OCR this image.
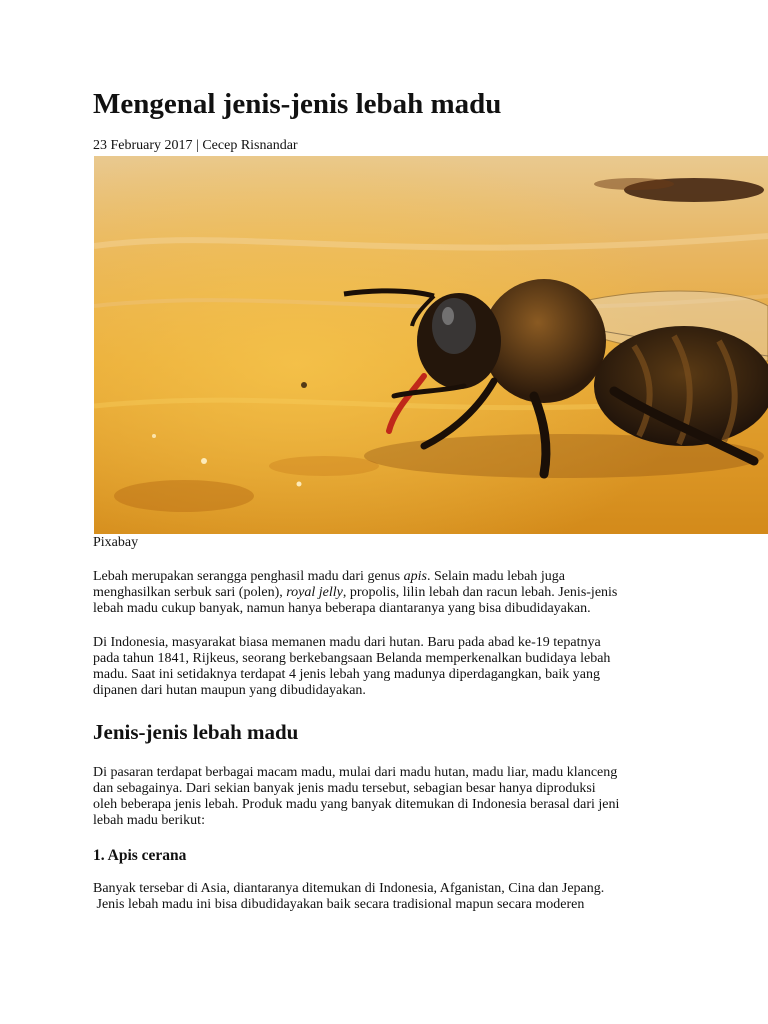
Mengenal jenis-jenis lebah madu
23 February 2017 | Cecep Risnandar
Pixabay

Lebah merupakan serangga penghasil madu dari genus apis. Selain madu lebah juga
menghasilkan serbuk sari (polen), royal jelly, propolis, lilin lebah dan racun lebah. Jenis-jenis
lebah madu cukup banyak, namun hanya beberapa diantaranya yang bisa dibudidayakan.

Di Indonesia, masyarakat biasa memanen madu dari hutan. Baru pada abad ke-19 tepatnya
pada tahun 1841, Rijkeus, seorang berkebangsaan Belanda memperkenalkan budidaya lebah
madu. Saat ini setidaknya terdapat 4 jenis lebah yang madunya diperdagangkan, baik yang
dipanen dari hutan maupun yang dibudidayakan.

Jenis-jenis lebah madu

Di pasaran terdapat berbagai macam madu, mulai dari madu hutan, madu liar, madu klanceng
dan sebagainya. Dari sekian banyak jenis madu tersebut, sebagian besar hanya diproduksi
oleh beberapa jenis lebah. Produk madu yang banyak ditemukan di Indonesia berasal dari jeni
lebah madu berikut:

1. Apis cerana

Banyak tersebar di Asia, diantaranya ditemukan di Indonesia, Afganistan, Cina dan Jepang.
Jenis lebah madu ini bisa dibudidayakan baik secara tradisional mapun secara moderen
